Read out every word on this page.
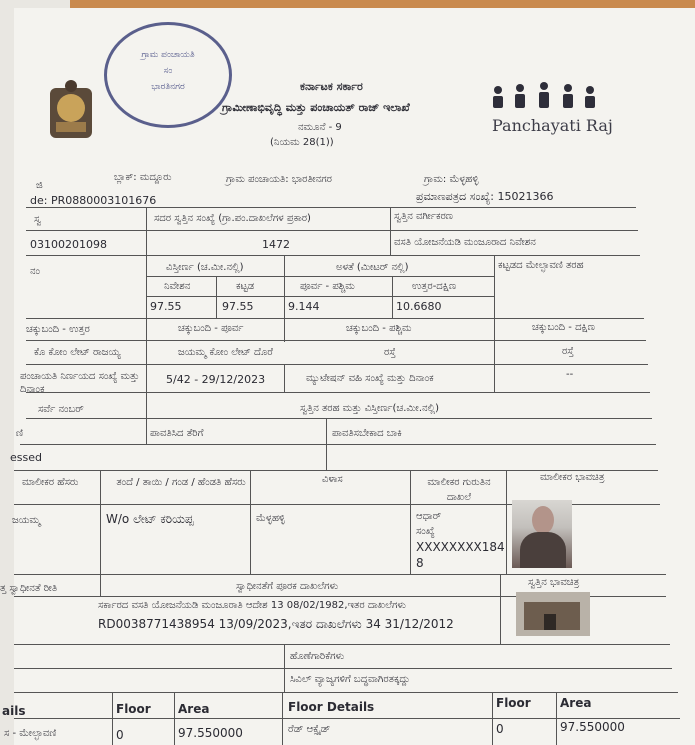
ಗ್ರಾಮ ಪಂಚಾಯತಿ
ಸಂ
ಭಾರತಿನಗರ	ಕರ್ನಾಟಕ ಸರ್ಕಾರ
ಗ್ರಾಮೀಣಾಭಿವೃದ್ಧಿ ಮತ್ತು ಪಂಚಾಯತ್ ರಾಜ್ ಇಲಾಖೆ
ನಮೂನೆ - 9
(ನಿಯಮ 28(1))
Panchayati Raj
ಜಿ
ಬ್ಲಾಕ್: ಮದ್ದೂರು	ಗ್ರಾಮ ಪಂಚಾಯತಿ: ಭಾರತೀನಗರ	ಗ್ರಾಮ: ಮೆಳ್ಳಹಳ್ಳಿ
de: PR0880003101676	ಪ್ರಮಾಣಪತ್ರದ ಸಂಖ್ಯೆ: 15021366
ಸ್ವ	ಸದರ ಸ್ವತ್ತಿನ ಸಂಖ್ಯೆ (ಗ್ರಾ.ಪಂ.ದಾಖಲೆಗಳ ಪ್ರಕಾರ)	ಸ್ವತ್ತಿನ ವರ್ಗೀಕರಣ
03100201098	1472	ವಸತಿ ಯೋಜನೆಯಡಿ ಮಂಜೂರಾದ ನಿವೇಶನ
ನಂ	ವಿಸ್ತೀರ್ಣ (ಚ.ಮೀ.ನಲ್ಲಿ)	ಅಳತೆ (ಮೀಟರ್ ನಲ್ಲಿ)	ಕಟ್ಟಡದ ಮೇಲ್ಛಾವಣಿ ತರಹ
ನಿವೇಶನ	ಕಟ್ಟಡ	ಪೂರ್ವ - ಪಶ್ಚಿಮ	ಉತ್ತರ-ದಕ್ಷಿಣ
97.55	97.55	9.144	10.6680
ಚಕ್ಕುಬಂದಿ - ಉತ್ತರ	ಚಕ್ಕುಬಂದಿ - ಪೂರ್ವ	ಚಕ್ಕುಬಂದಿ - ಪಶ್ಚಿಮ	ಚಕ್ಕುಬಂದಿ - ದಕ್ಷಿಣ
ಕೊ ಕೋಂ ಲೇಟ್ ರಾಜಯ್ಯ	ಜಯಮ್ಮ ಕೋಂ ಲೇಟ್ ದೊರೆ	ರಸ್ತೆ	ರಸ್ತೆ
ಪಂಚಾಯತಿ ನಿರ್ಣಯದ ಸಂಖ್ಯೆ ಮತ್ತು ದಿನಾಂಕ
5/42 - 29/12/2023	ಮ್ಯುಟೇಷನ್ ವಹಿ ಸಂಖ್ಯೆ ಮತ್ತು ದಿನಾಂಕ	--
ಸರ್ವೆ ನಂಬರ್	ಸ್ವತ್ತಿನ ತರಹ ಮತ್ತು ವಿಸ್ತೀರ್ಣ(ಚ.ಮೀ.ನಲ್ಲಿ)
ಣಿ	ಪಾವತಿಸಿದ ತೆರಿಗೆ	ಪಾವತಿಸಬೇಕಾದ ಬಾಕಿ
essed
ಮಾಲೀಕರ ಹೆಸರು	ತಂದೆ / ತಾಯಿ / ಗಂಡ / ಹೆಂಡತಿ ಹೆಸರು	ವಿಳಾಸ	ಮಾಲೀಕರ ಗುರುತಿನ ದಾಖಲೆ
ಮಾಲೀಕರ ಭಾವಚಿತ್ರ
ಜಯಮ್ಮ	W/o ಲೇಟ್ ಕರಿಯಪ್ಪ	ಮೆಳ್ಳಹಳ್ಳಿ	ಆಧಾರ್
ಸಂಖ್ಯೆ
XXXXXXXX184
8
ತ್ತ ಸ್ವಾಧೀನತೆ ರೀತಿ	ಸ್ವಾಧೀನತೆಗೆ ಪೂರಕ ದಾಖಲೆಗಳು	ಸ್ವತ್ತಿನ ಭಾವಚಿತ್ರ
ಸರ್ಕಾರದ ವಸತಿ ಯೋಜನೆಯಡಿ ಮಂಜೂರಾತಿ ಆದೇಶ 13 08/02/1982,ಇತರ ದಾಖಲೆಗಳು
RD0038771438954 13/09/2023,ಇತರ ದಾಖಲೆಗಳು 34 31/12/2012
ಹೊಣೆಗಾರಿಕೆಗಳು
ಸಿವಿಲ್ ವ್ಯಾಜ್ಯಗಳಿಗೆ ಬದ್ಧವಾಗಿರತಕ್ಕದ್ದು
ails	Floor Area	Floor Details	Floor Area
ಸ - ಮೇಲ್ಛಾವಣಿ	0	97.550000	ರೆಡ್ ಆಕ್ಸೈಡ್	0	97.550000
